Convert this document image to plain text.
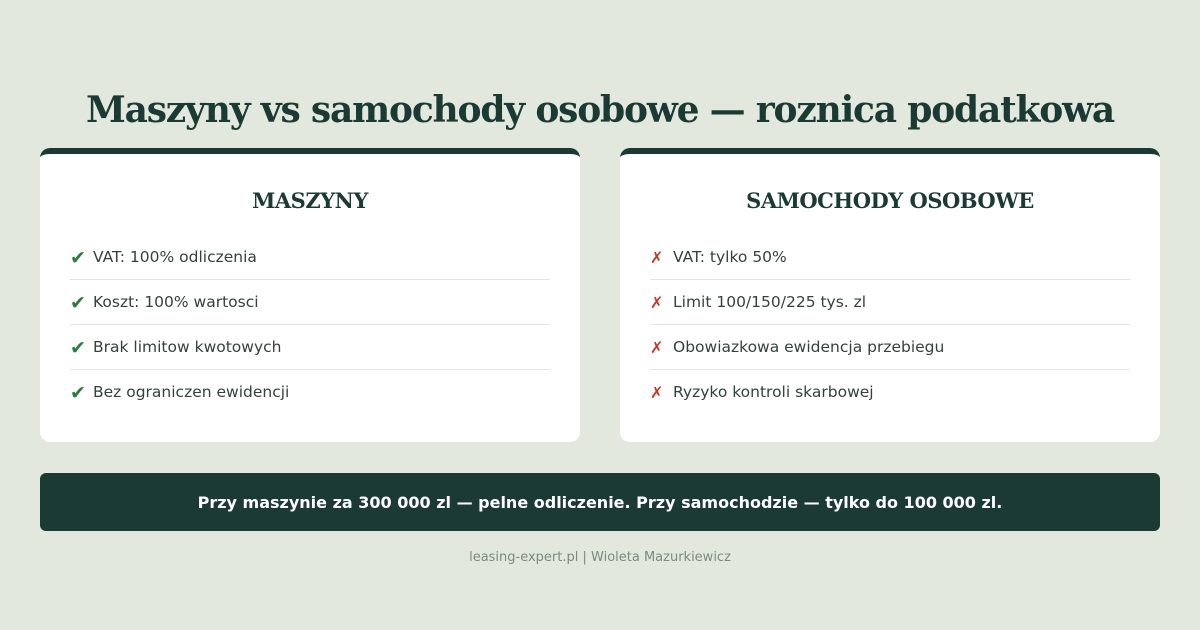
Maszyny vs samochody osobowe — roznica podatkowa
MASZYNY
✔ VAT: 100% odliczenia
✔ Koszt: 100% wartosci
✔ Brak limitow kwotowych
✔ Bez ograniczen ewidencji
SAMOCHODY OSOBOWE
✗ VAT: tylko 50%
✗ Limit 100/150/225 tys. zl
✗ Obowiazkowa ewidencja przebiegu
✗ Ryzyko kontroli skarbowej
Przy maszynie za 300 000 zl — pelne odliczenie. Przy samochodzie — tylko do 100 000 zl.
leasing-expert.pl | Wioleta Mazurkiewicz
